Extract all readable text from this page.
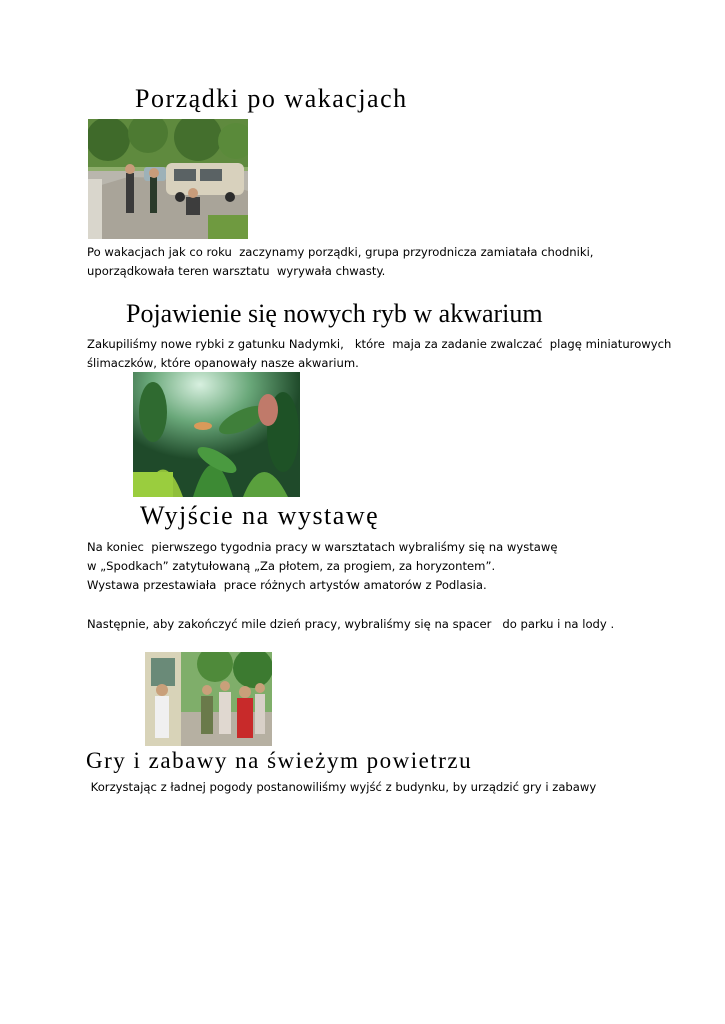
Porządki po wakacjach

Po wakacjach jak co roku  zaczynamy porządki, grupa przyrodnicza zamiatała chodniki,

uporządkowała teren warsztatu  wyrywała chwasty.

Pojawienie się nowych ryb w akwarium

Zakupiliśmy nowe rybki z gatunku Nadymki,   które  maja za zadanie zwalczać  plagę miniaturowych

ślimaczków, które opanowały nasze akwarium.

Wyjście na wystawę

Na koniec  pierwszego tygodnia pracy w warsztatach wybraliśmy się na wystawę

w „Spodkach” zatytułowaną „Za płotem, za progiem, za horyzontem”.

Wystawa przestawiała  prace różnych artystów amatorów z Podlasia.

Następnie, aby zakończyć mile dzień pracy, wybraliśmy się na spacer   do parku i na lody .

Gry i zabawy na świeżym powietrzu

Korzystając z ładnej pogody postanowiliśmy wyjść z budynku, by urządzić gry i zabawy
